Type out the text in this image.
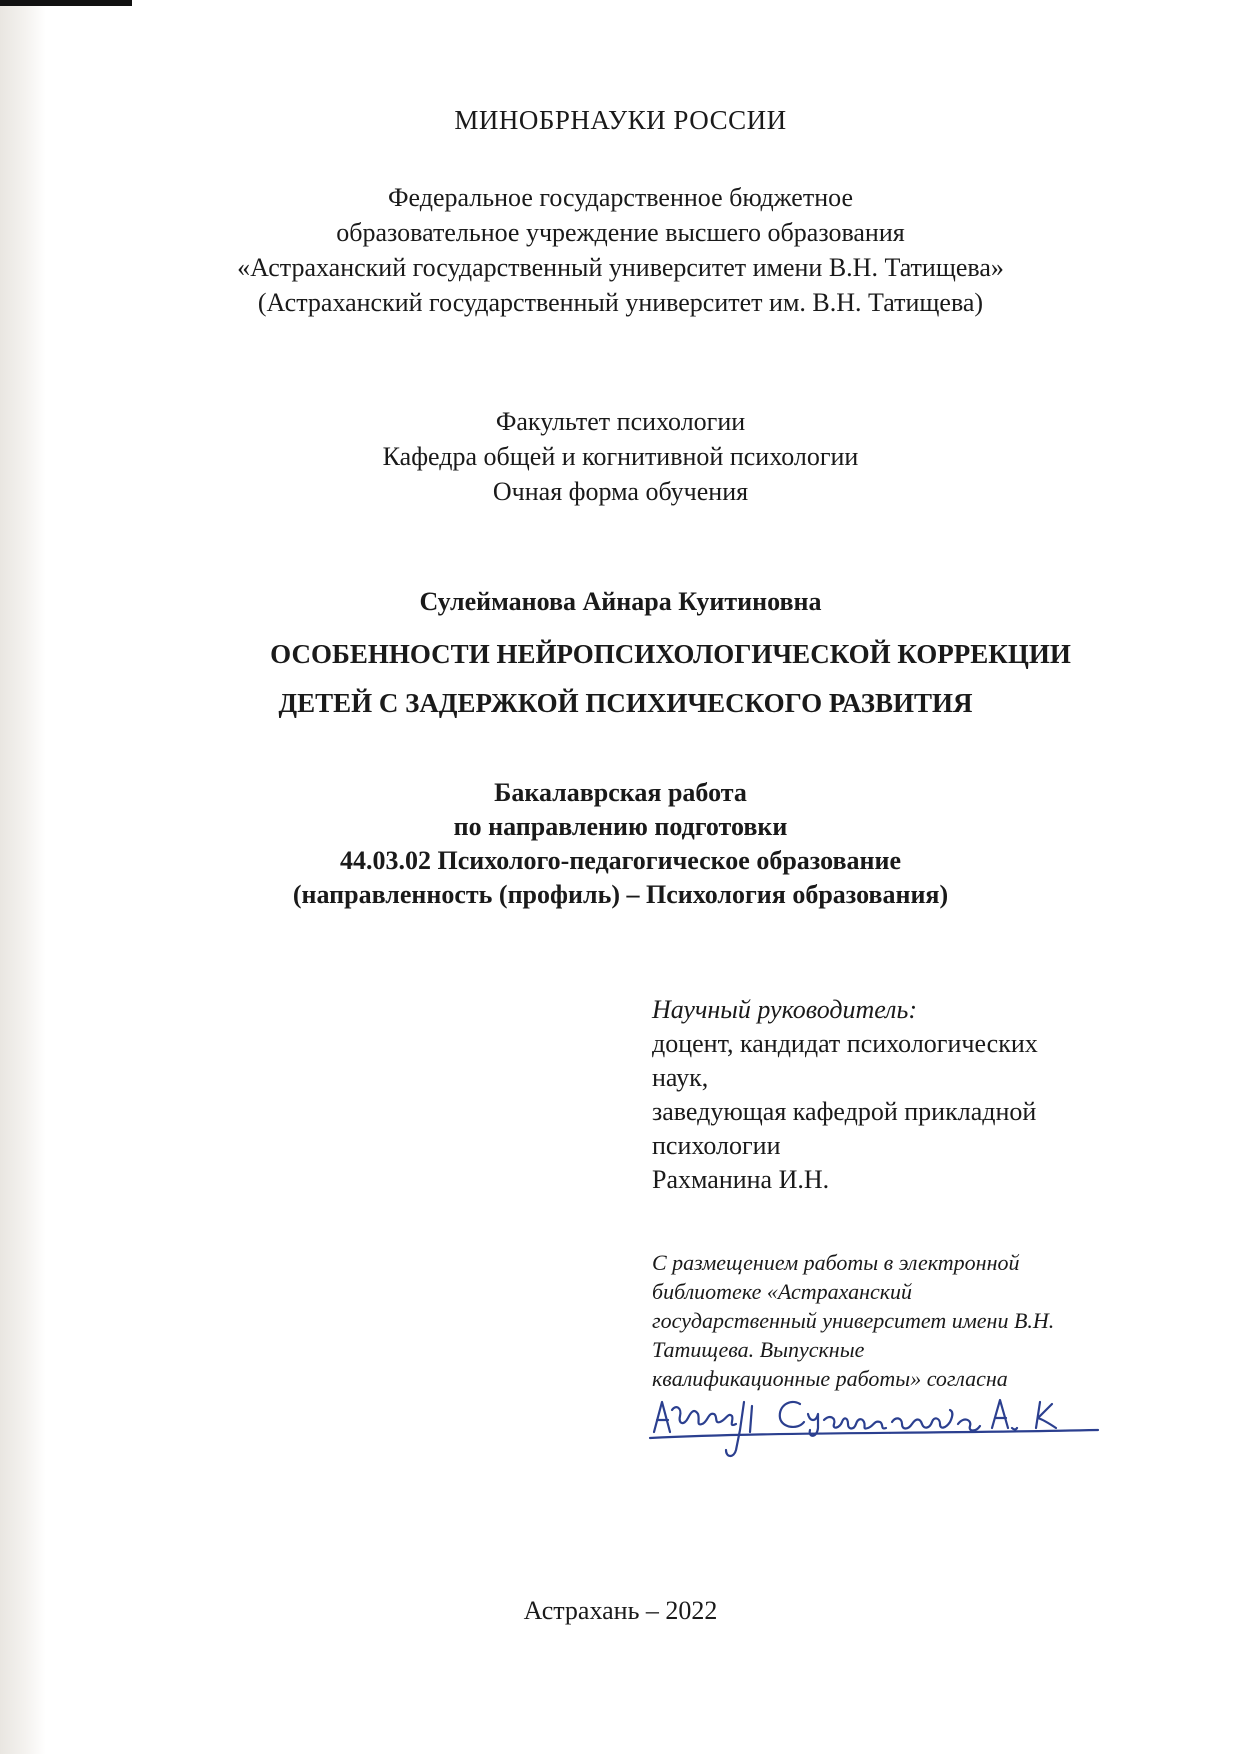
МИНОБРНАУКИ РОССИИ
Федеральное государственное бюджетное
образовательное учреждение высшего образования
«Астраханский государственный университет имени В.Н. Татищева»
(Астраханский государственный университет им. В.Н. Татищева)
Факультет психологии
Кафедра общей и когнитивной психологии
Очная форма обучения
Сулейманова Айнара Куитиновна
ОСОБЕННОСТИ НЕЙРОПСИХОЛОГИЧЕСКОЙ КОРРЕКЦИИ
ДЕТЕЙ С ЗАДЕРЖКОЙ ПСИХИЧЕСКОГО РАЗВИТИЯ
Бакалаврская работа
по направлению подготовки
44.03.02 Психолого-педагогическое образование
(направленность (профиль) – Психология образования)
Научный руководитель:
доцент, кандидат психологических
наук,
заведующая кафедрой прикладной
психологии
Рахманина И.Н.
С размещением работы в электронной
библиотеке «Астраханский
государственный университет имени В.Н.
Татищева. Выпускные
квалификационные работы» согласна
Астрахань – 2022
